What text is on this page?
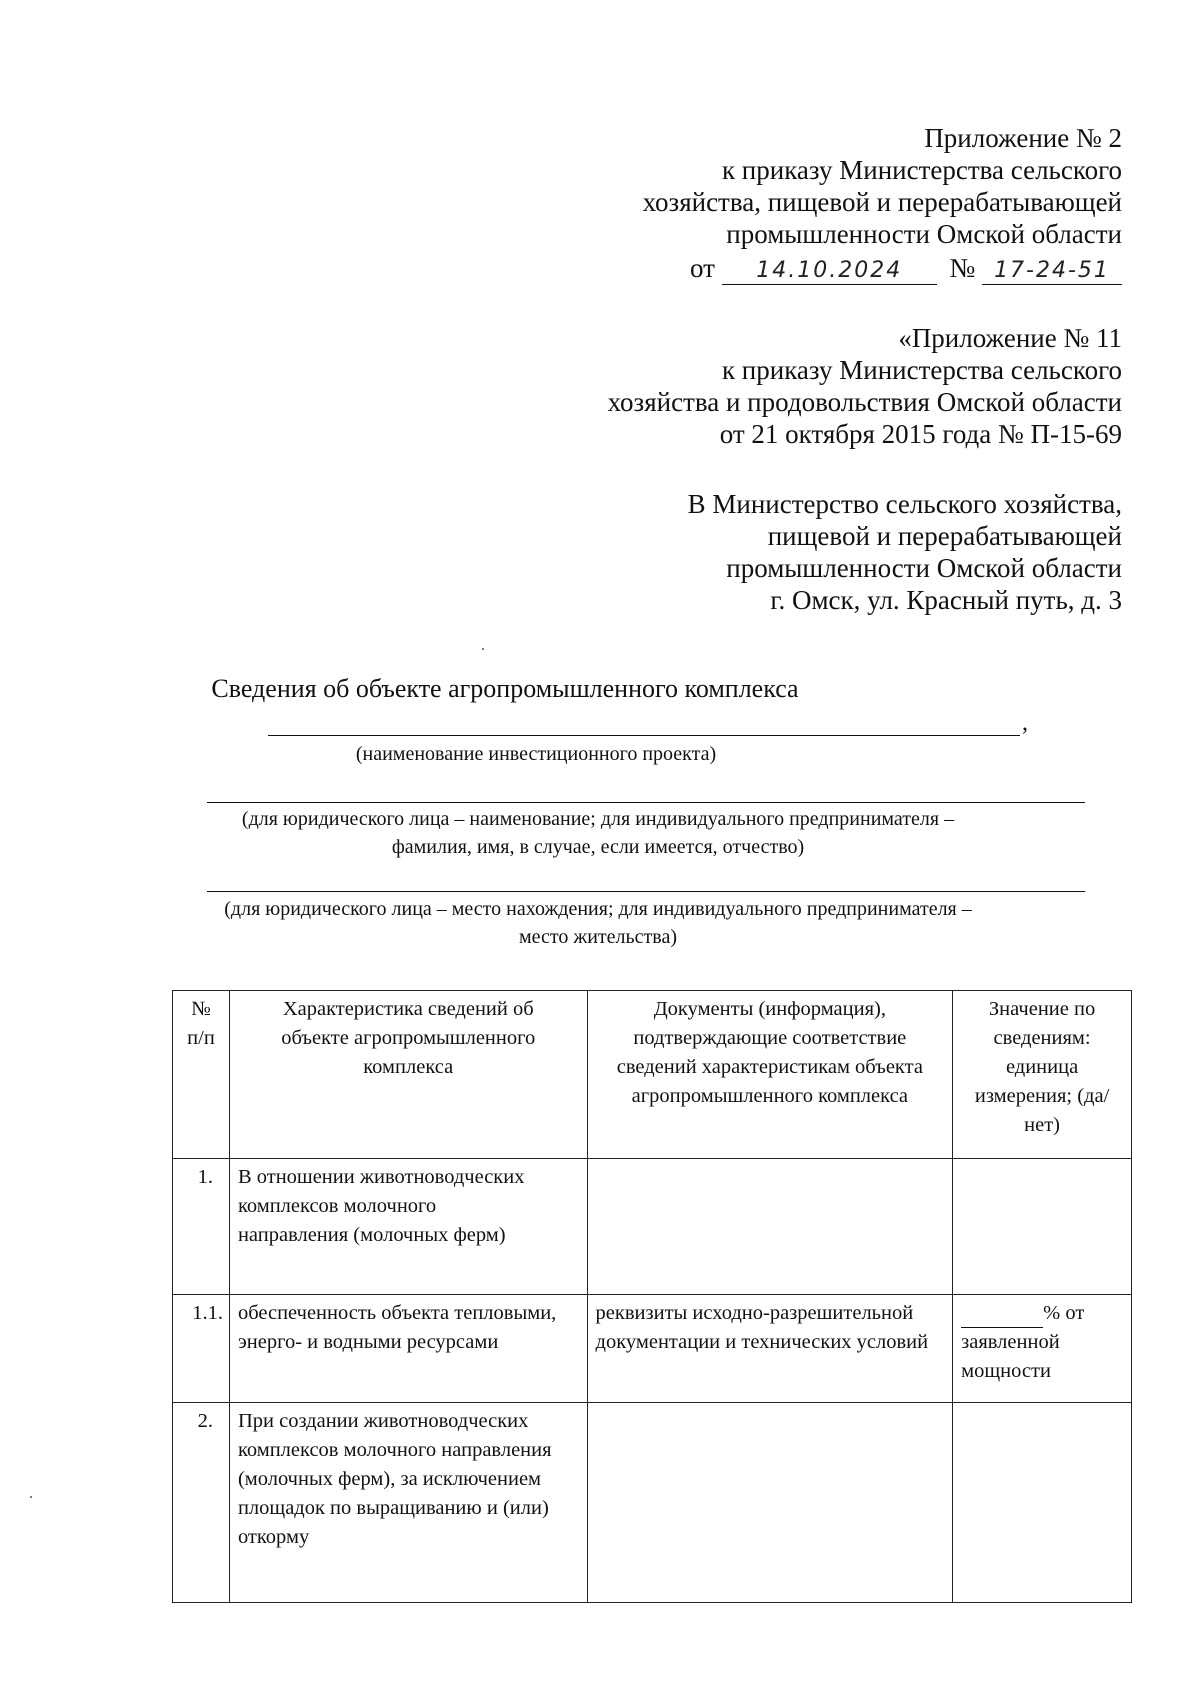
Приложение № 2
к приказу Министерства сельского
хозяйства, пищевой и перерабатывающей
промышленности Омской области
от 14.10.2024 № 17-24-51
«Приложение № 11
к приказу Министерства сельского
хозяйства и продовольствия Омской области
от 21 октября 2015 года № П-15-69
В Министерство сельского хозяйства,
пищевой и перерабатывающей
промышленности Омской области
г. Омск, ул. Красный путь, д. 3
Сведения об объекте агропромышленного комплекса
,
(наименование инвестиционного проекта)
(для юридического лица – наименование; для индивидуального предпринимателя –
фамилия, имя, в случае, если имеется, отчество)
(для юридического лица – место нахождения; для индивидуального предпринимателя –
место жительства)
№ п/п	Характеристика сведений об объекте агропромышленного комплекса	Документы (информация), подтверждающие соответствие сведений характеристикам объекта агропромышленного комплекса	Значение по сведениям: единица измерения; (да/нет)
1.	В отношении животноводческих комплексов молочного направления (молочных ферм)		
1.1.	обеспеченность объекта тепловыми, энерго- и водными ресурсами	реквизиты исходно-разрешительной документации и технических условий	% от заявленной мощности
2.	При создании животноводческих комплексов молочного направления (молочных ферм), за исключением площадок по выращиванию и (или) откорму		
